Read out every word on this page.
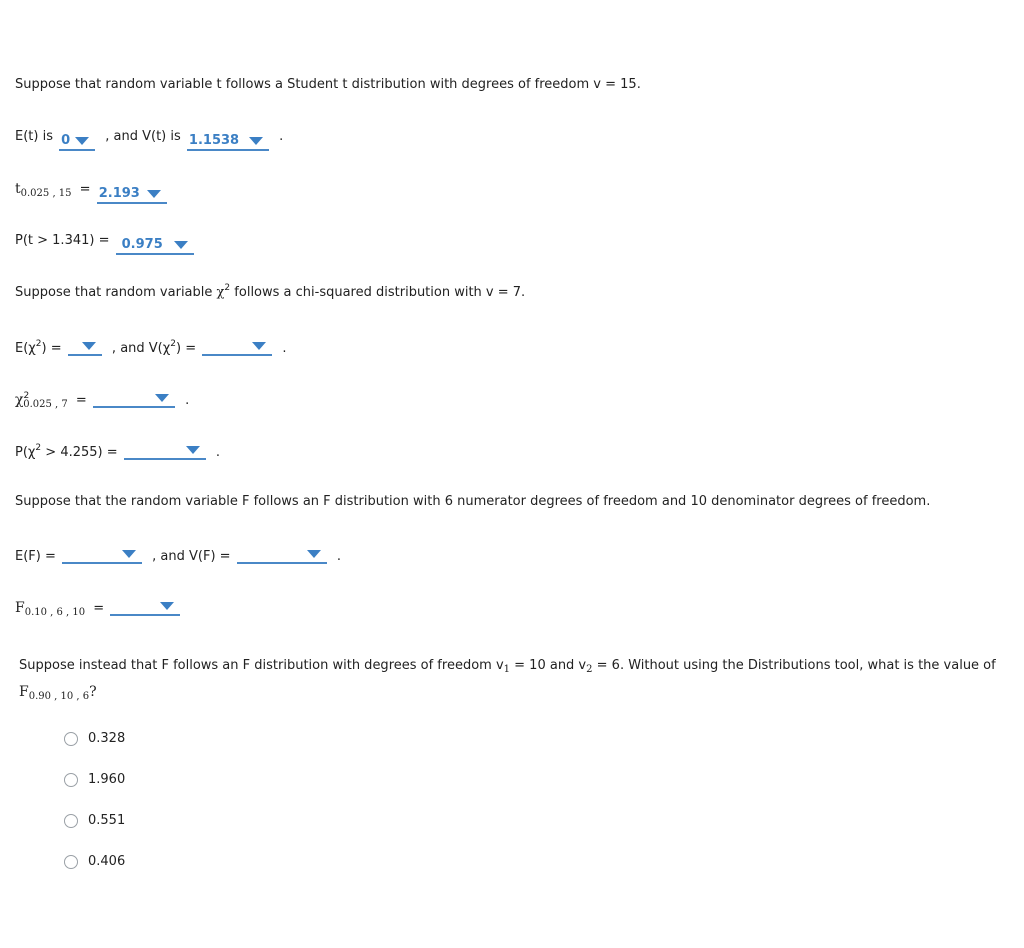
Suppose that random variable t follows a Student t distribution with degrees of freedom v = 15.
E(t) is 0	, and V(t) is 1.1538	.
$t_{0.025 , 15} = 2.193$
P(t > 1.341) = 0.975
Suppose that random variable $\chi^2$ follows a chi-squared distribution with v = 7.
$E(\chi^2)$ =	, and $V(\chi^2)$ =	.
$\chi^2_{0.025 , 7}$ =	.
$P(\chi^2 > 4.255)$ =	.
Suppose that the random variable F follows an F distribution with 6 numerator degrees of freedom and 10 denominator degrees of freedom.
E(F) =	, and V(F) =	.
$F_{0.10 , 6 , 10}$ =
Suppose instead that F follows an F distribution with degrees of freedom $v_1 = 10$ and $v_2 = 6$. Without using the Distributions tool, what is the value of
$F_{0.90 , 10 , 6}$?
0.328
1.960
0.551
0.406
